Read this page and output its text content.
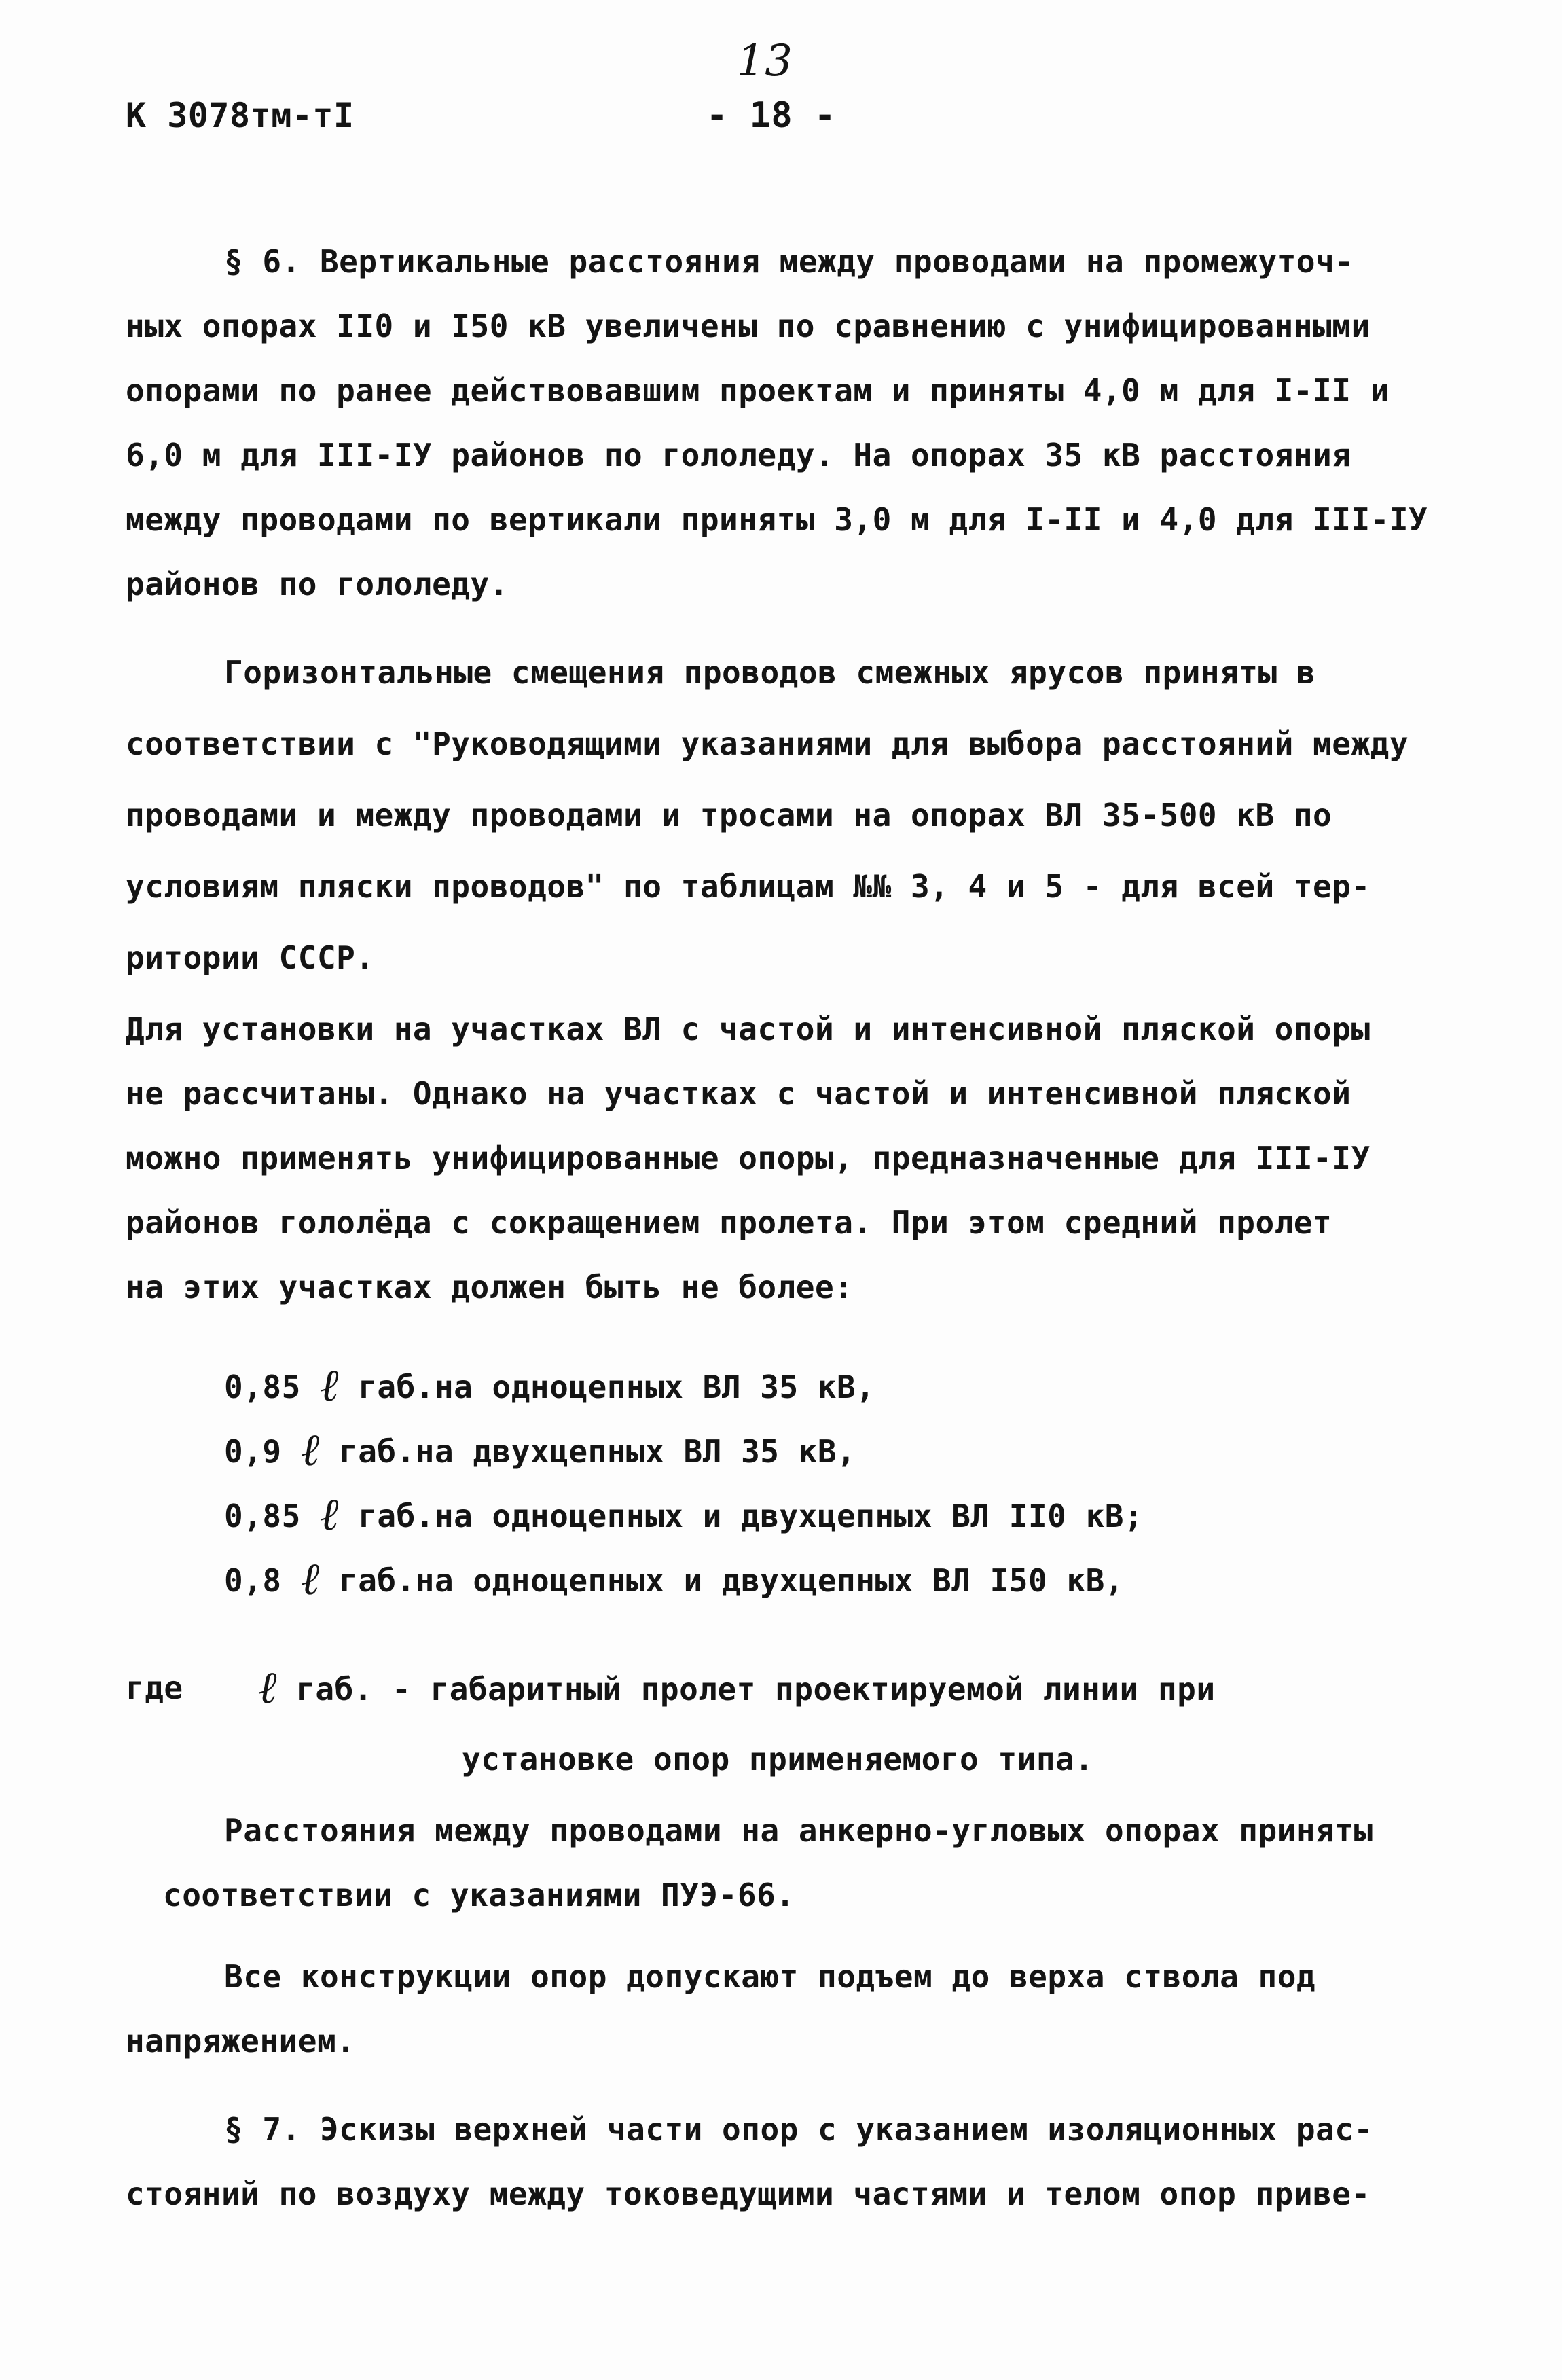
К 3078тм-тI
13
- 18 -
§ 6. Вертикальные расстояния между проводами на промежуточ-
ных опорах II0 и I50 кВ увеличены по сравнению с унифицированными
опорами по ранее действовавшим проектам и приняты 4,0 м для I-II и
6,0 м для III-IУ районов по гололеду. На опорах 35 кВ расстояния
между проводами по вертикали приняты 3,0 м для I-II и 4,0 для III-IУ
районов по гололеду.
Горизонтальные смещения проводов смежных ярусов приняты в
соответствии с "Руководящими указаниями для выбора расстояний между
проводами и между проводами и тросами на опорах ВЛ 35-500 кВ по
условиям пляски проводов" по таблицам №№ 3, 4 и 5 - для всей тер-
ритории СССР.
Для установки на участках ВЛ с частой и интенсивной пляской опоры
не рассчитаны. Однако на участках с частой и интенсивной пляской
можно применять унифицированные опоры, предназначенные для III-IУ
районов гололёда с сокращением пролета. При этом средний пролет
на этих участках должен быть не более:
0,85 ℓ габ.на одноцепных ВЛ 35 кВ,
0,9 ℓ габ.на двухцепных ВЛ 35 кВ,
0,85 ℓ габ.на одноцепных и двухцепных ВЛ II0 кВ;
0,8 ℓ габ.на одноцепных и двухцепных ВЛ I50 кВ,
где ℓ габ. - габаритный пролет проектируемой линии при
установке опор применяемого типа.
Расстояния между проводами на анкерно-угловых опорах приняты
соответствии с указаниями ПУЭ-66.
Все конструкции опор допускают подъем до верха ствола под
напряжением.
§ 7. Эскизы верхней части опор с указанием изоляционных рас-
стояний по воздуху между токоведущими частями и телом опор приве-
